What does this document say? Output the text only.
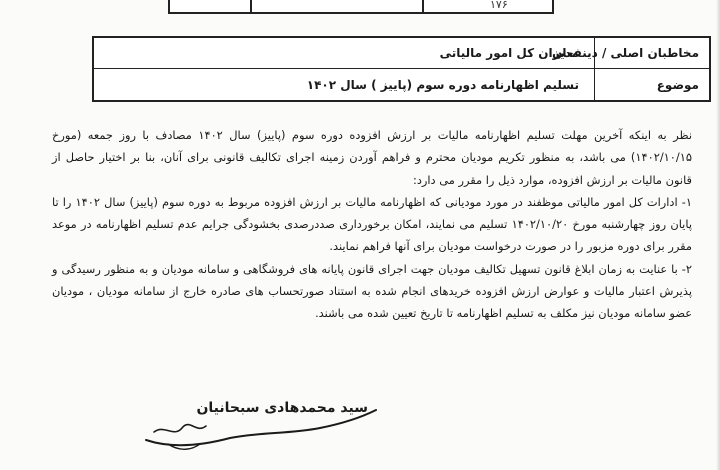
۱۷۶
مخاطبان اصلی / ذینفعان
مدیران کل امور مالیاتی
موضوع
تسلیم اظهارنامه دوره سوم (پاییز ) سال ۱۴۰۲

نظر به اینکه آخرین مهلت تسلیم اظهارنامه مالیات بر ارزش افزوده دوره سوم (پاییز) سال ۱۴۰۲ مصادف با روز جمعه (مورخ ۱۴۰۲/۱۰/۱۵) می باشد، به منظور تکریم مودیان محترم و فراهم آوردن زمینه اجرای تکالیف قانونی برای آنان، بنا بر اختیار حاصل از قانون مالیات بر ارزش افزوده، موارد ذیل را مقرر می دارد:

۱- ادارات کل امور مالیاتی موظفند در مورد مودیانی که اظهارنامه مالیات بر ارزش افزوده مربوط به دوره سوم (پاییز) سال ۱۴۰۲ را تا پایان روز چهارشنبه مورخ ۱۴۰۲/۱۰/۲۰ تسلیم می نمایند، امکان برخورداری صددرصدی بخشودگی جرایم عدم تسلیم اظهارنامه در موعد مقرر برای دوره مزبور را در صورت درخواست مودیان برای آنها فراهم نمایند.

۲- با عنایت به زمان ابلاغ قانون تسهیل تکالیف مودیان جهت اجرای قانون پایانه های فروشگاهی و سامانه مودیان و به منظور رسیدگی و پذیرش اعتبار مالیات و عوارض ارزش افزوده خریدهای انجام شده به استناد صورتحساب های صادره خارج از سامانه مودیان ، مودیان عضو سامانه مودیان نیز مکلف به تسلیم اظهارنامه تا تاریخ تعیین شده می باشند.

سید محمدهادی سبحانیان
